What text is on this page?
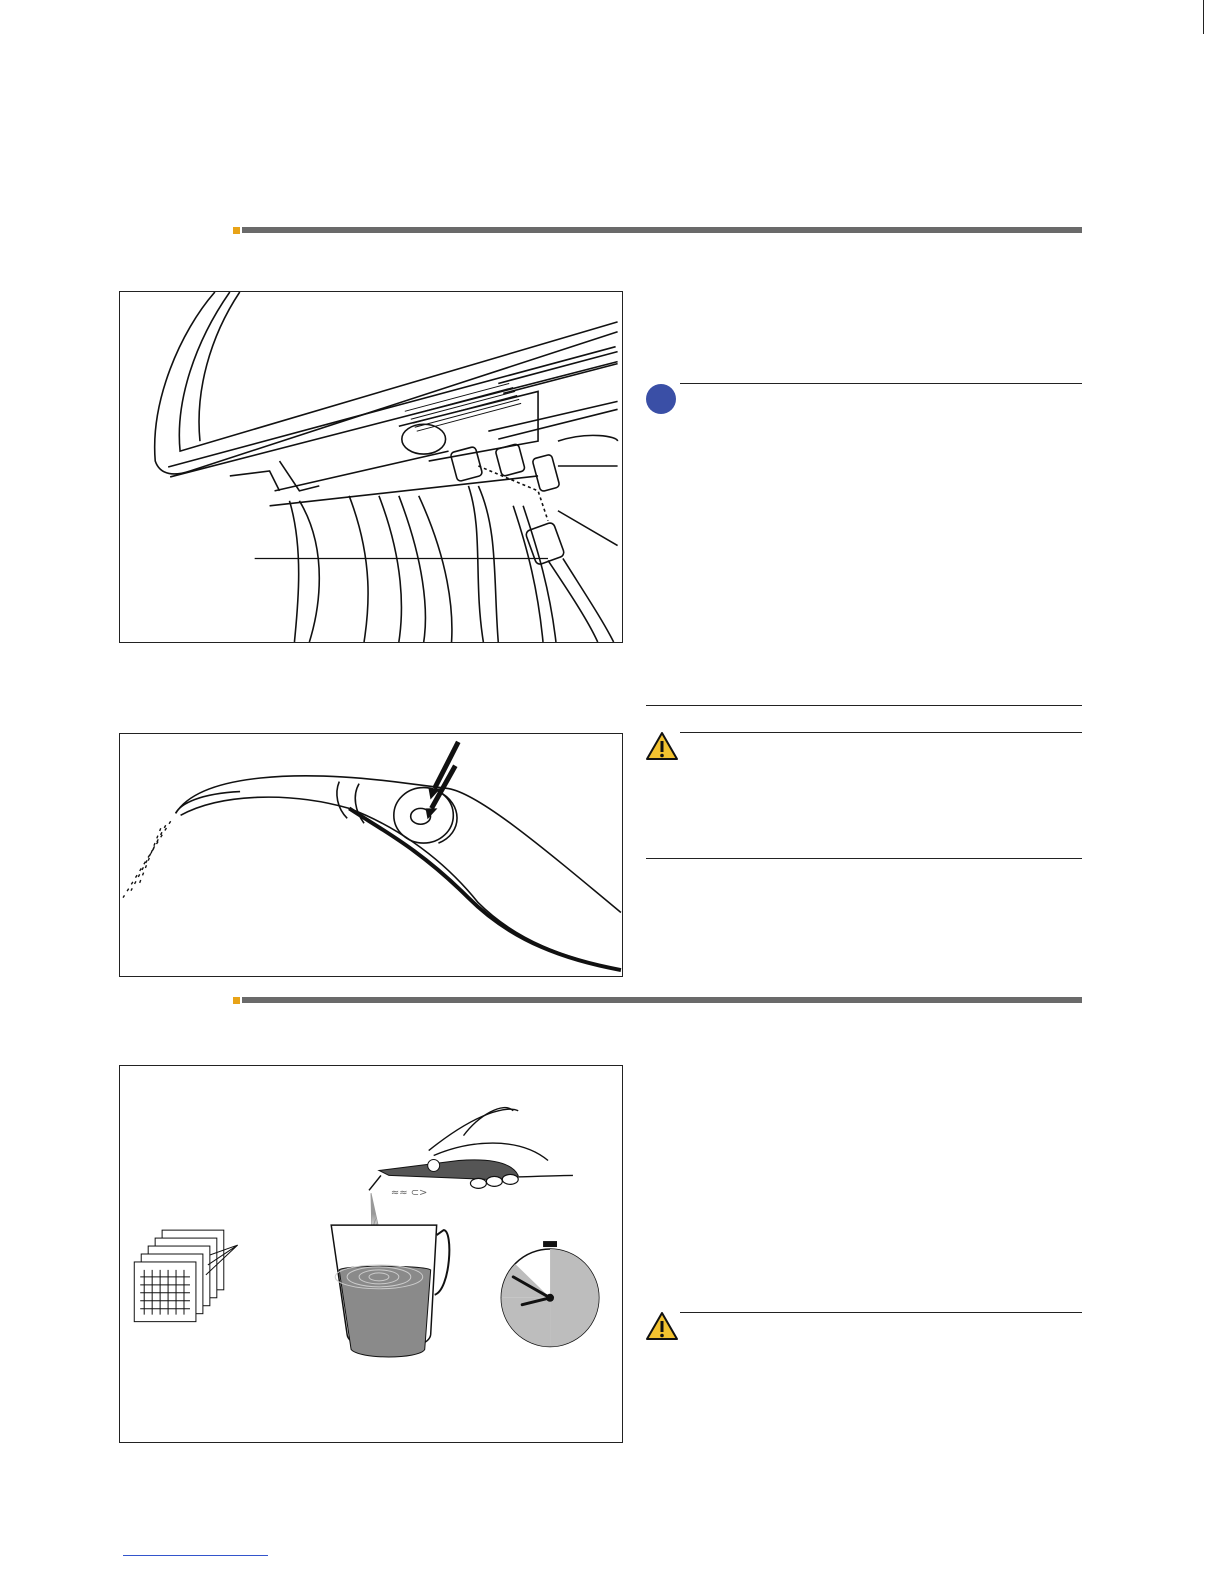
≈≈ ⊂>
